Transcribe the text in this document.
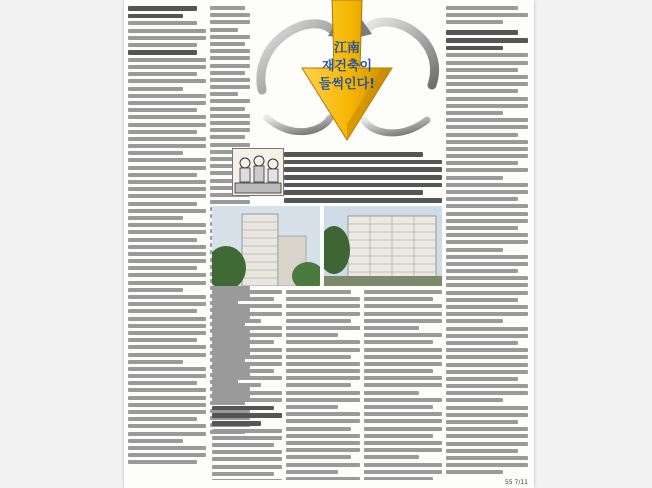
江南
재건축이
들썩인다!
55 7/11
